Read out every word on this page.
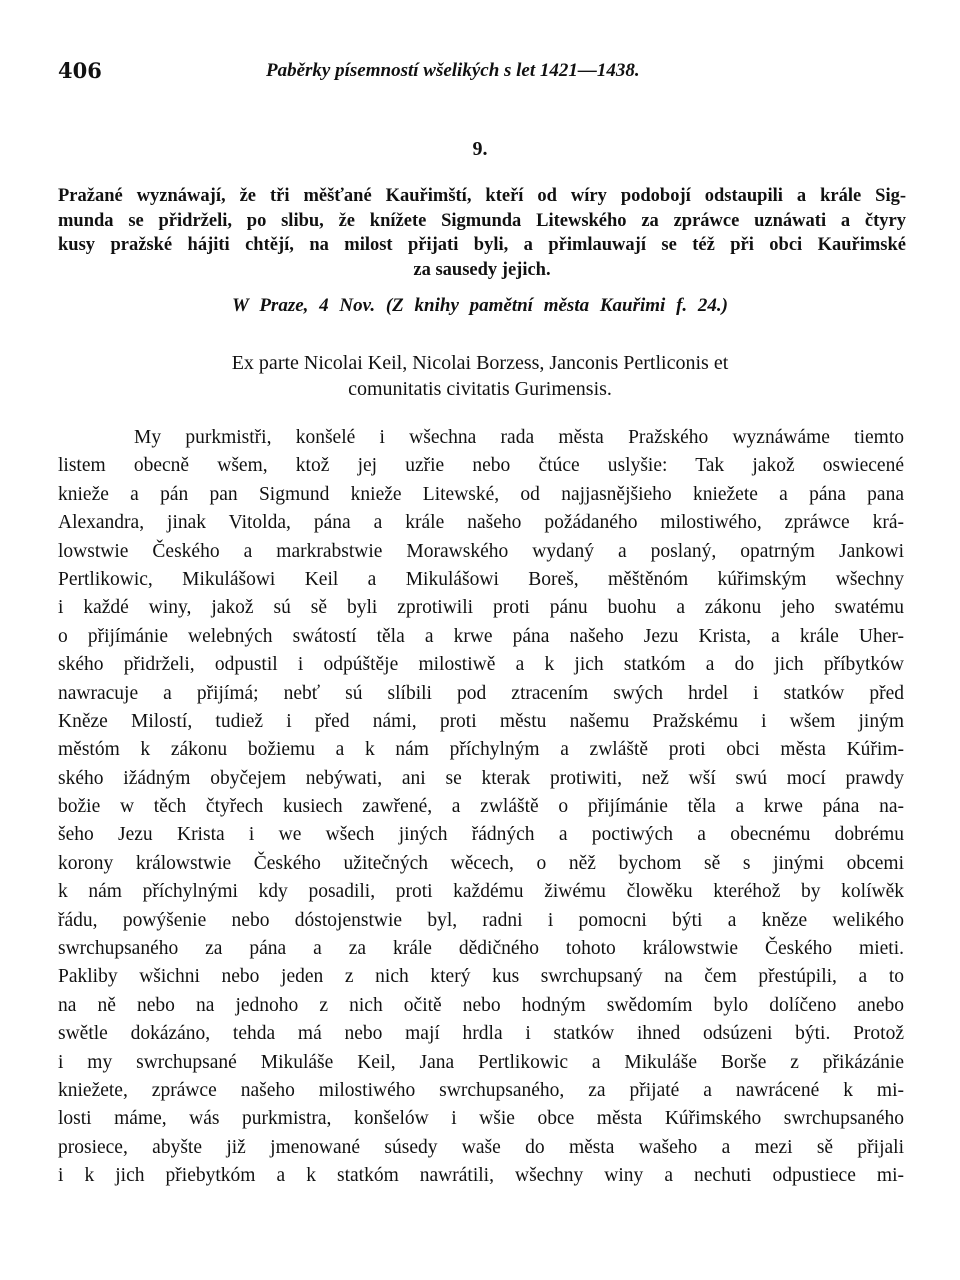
406	Paběrky písemností wšelikých s let 1421—1438.
9.
Pražané wyznáwají, že tři měšťané Kauřimští, kteří od wíry podobojí odstaupili a krále Sig-
munda se přidrželi, po slibu, že knížete Sigmunda Litewského za zpráwce uznáwati a čtyry
kusy pražské hájiti chtějí, na milost přijati byli, a přimlauwají se též při obci Kauřimské
za sausedy jejich.
W Praze, 4 Nov. (Z knihy pamětní města Kauřimi f. 24.)
Ex parte Nicolai Keil, Nicolai Borzess, Janconis Pertliconis et
comunitatis civitatis Gurimensis.
My purkmistři, konšelé i wšechna rada města Pražského wyznáwáme tiemto
listem obecně wšem, ktož jej uzřie nebo čtúce uslyšie: Tak jakož oswiecené
knieže a pán pan Sigmund knieže Litewské, od najjasnějšieho kniežete a pána pana
Alexandra, jinak Vitolda, pána a krále našeho požádaného milostiwého, zpráwce krá-
lowstwie Českého a markrabstwie Morawského wydaný a poslaný, opatrným Jankowi
Pertlikowic, Mikulášowi Keil a Mikulášowi Boreš, měštěnóm kúřimským wšechny
i každé winy, jakož sú sě byli zprotiwili proti pánu buohu a zákonu jeho swatému
o přijímánie welebných swátostí těla a krwe pána našeho Jezu Krista, a krále Uher-
ského přidrželi, odpustil i odpúštěje milostiwě a k jich statkóm a do jich příbytków
nawracuje a přijímá; nebť sú slíbili pod ztracením swých hrdel i statków před
Kněze Milostí, tudiež i před námi, proti městu našemu Pražskému i wšem jiným
městóm k zákonu božiemu a k nám příchylným a zwláště proti obci města Kúřim-
ského ižádným obyčejem nebýwati, ani se kterak protiwiti, než wší swú mocí prawdy
božie w těch čtyřech kusiech zawřené, a zwláště o přijímánie těla a krwe pána na-
šeho Jezu Krista i we wšech jiných řádných a poctiwých a obecnému dobrému
korony králowstwie Českého užitečných wěcech, o něž bychom sě s jinými obcemi
k nám příchylnými kdy posadili, proti každému žiwému člowěku kteréhož by kolíwěk
řádu, powýšenie nebo dóstojenstwie byl, radni i pomocni býti a kněze welikého
swrchupsaného za pána a za krále dědičného tohoto králowstwie Českého mieti.
Pakliby wšichni nebo jeden z nich který kus swrchupsaný na čem přestúpili, a to
na ně nebo na jednoho z nich očitě nebo hodným swědomím bylo dolíčeno anebo
swětle dokázáno, tehda má nebo mají hrdla i statków ihned odsúzeni býti. Protož
i my swrchupsané Mikuláše Keil, Jana Pertlikowic a Mikuláše Borše z přikázánie
kniežete, zpráwce našeho milostiwého swrchupsaného, za přijaté a nawrácené k mi-
losti máme, wás purkmistra, konšelów i wšie obce města Kúřimského swrchupsaného
prosiece, abyšte již jmenowané súsedy waše do města wašeho a mezi sě přijali
i k jich přiebytkóm a k statkóm nawrátili, wšechny winy a nechuti odpustiece mi-
